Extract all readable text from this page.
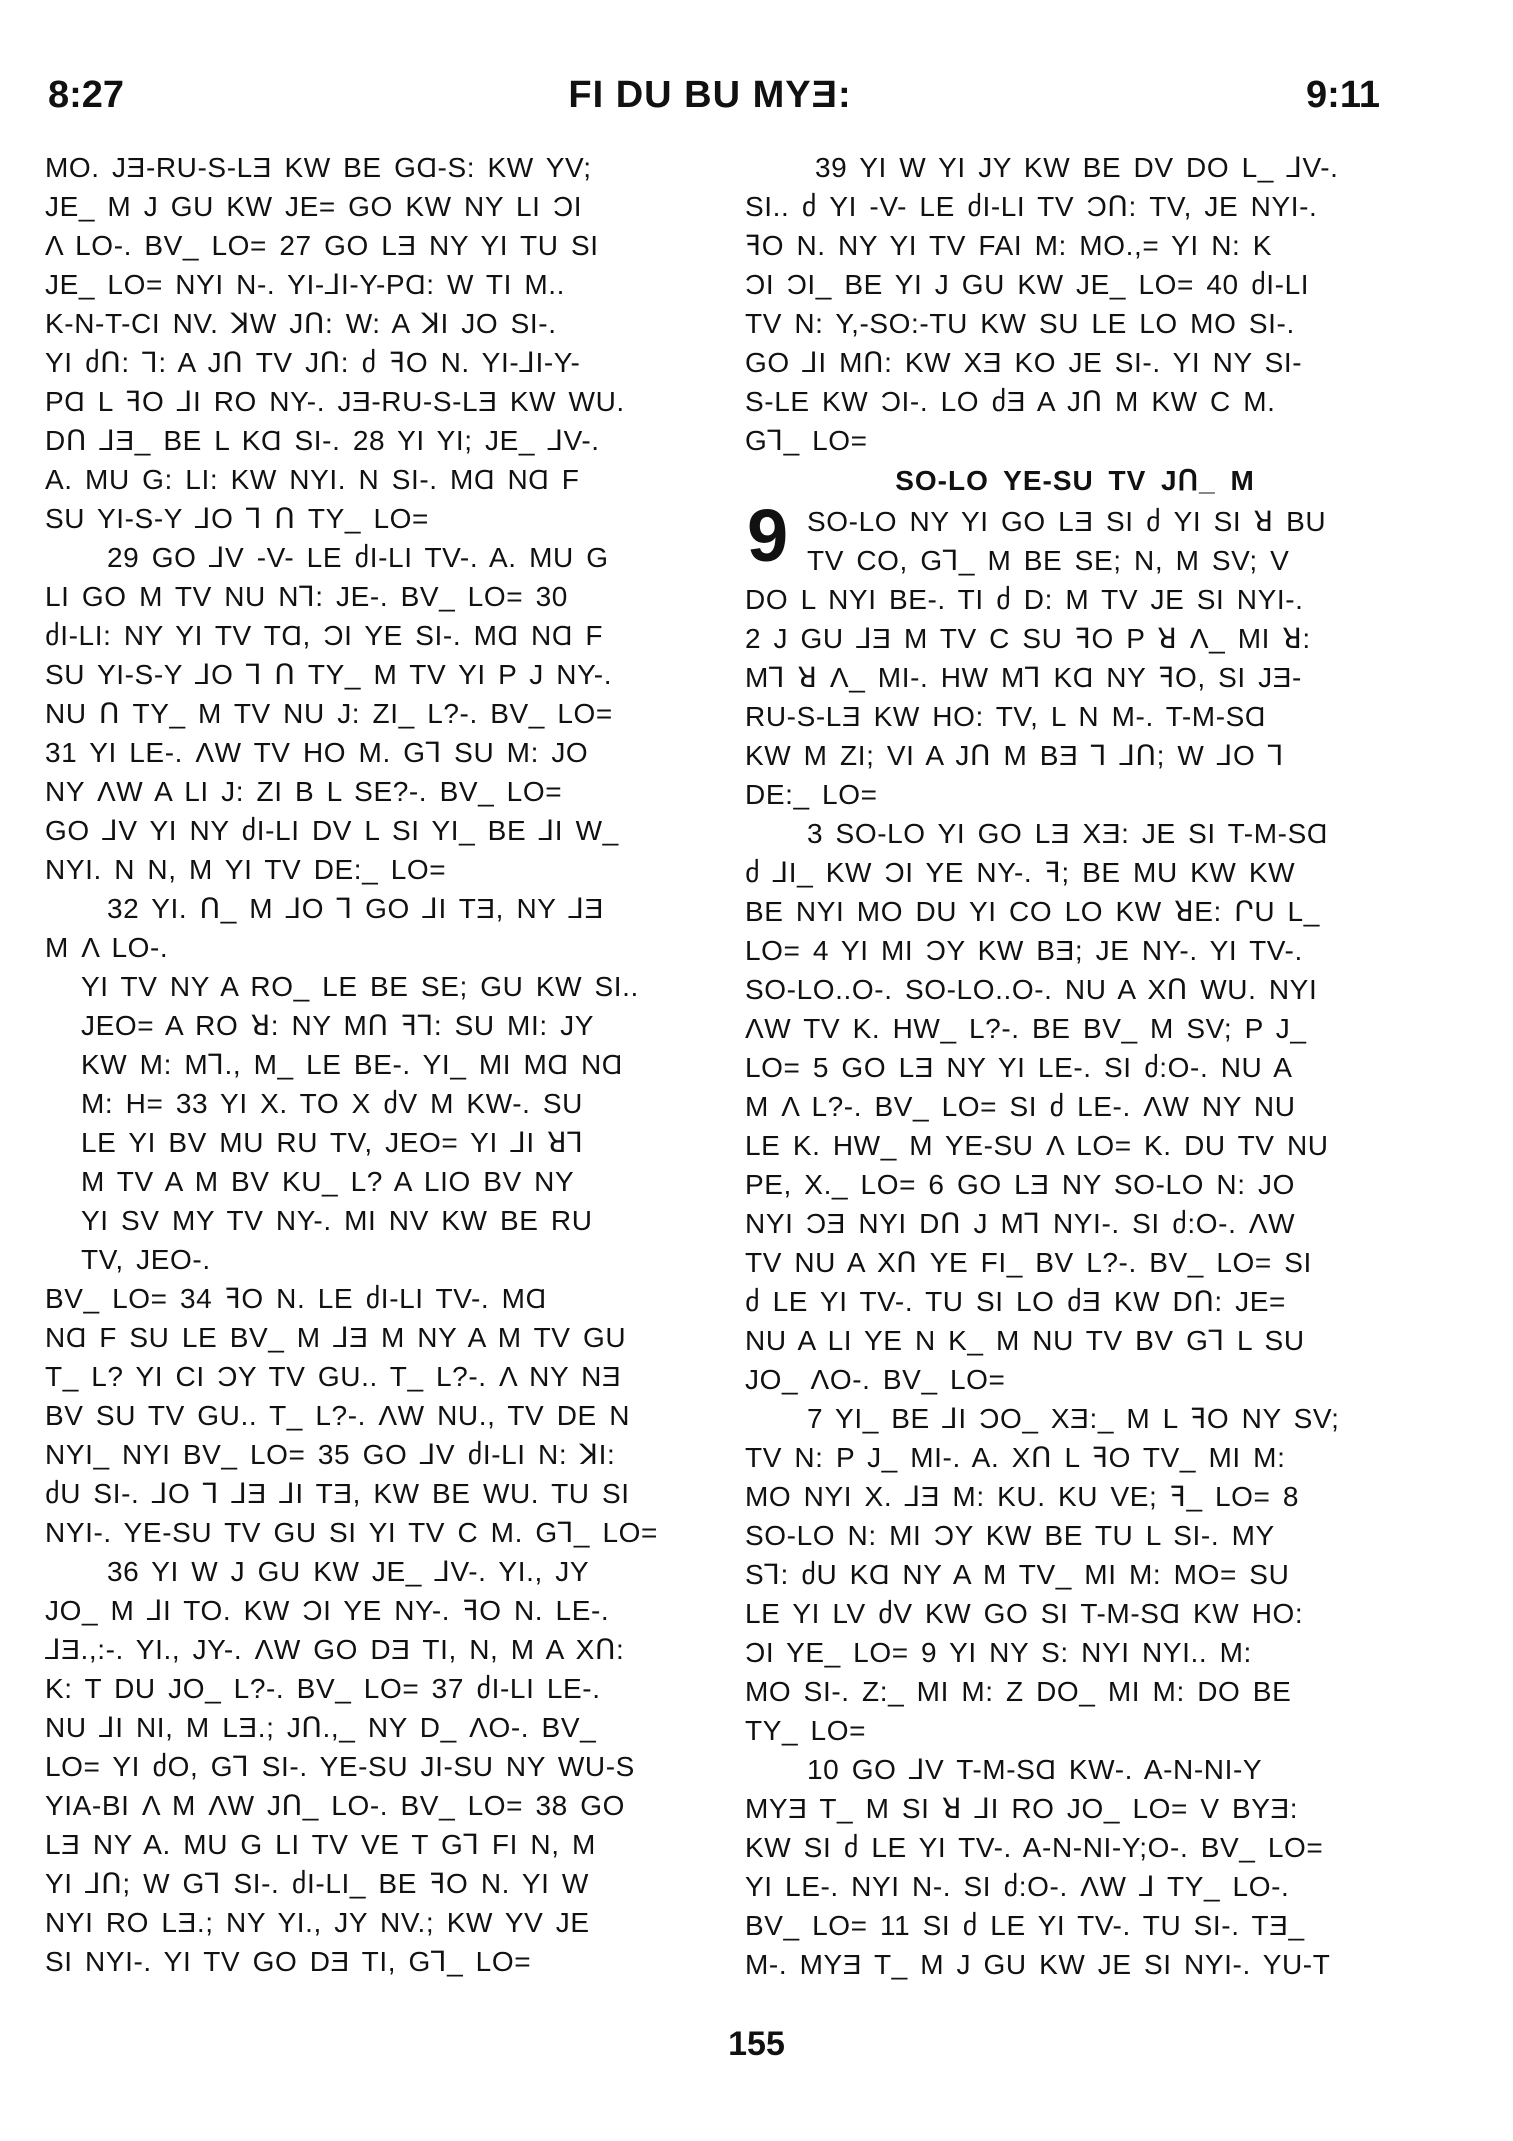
8:27	FI DU BU MYƎ:	9:11
MO. JƎ-RU-S-LƎ KW BE GⱭ-S: KW YV;
JE_ M J GU KW JE= GO KW NY LI ƆI
Λ LO-. BV_ LO= 27 GO LƎ NY YI TU SI
JE_ LO= NYI N-. YI-⅃I-Y-PⱭ: W TI M..
K-N-T-CI NV. ꓘW JՈ: W: A ꓘI JO SI-.
YI ძՈ: Ꞁ: A JՈ TV JՈ: ძ ꟻO N. YI-⅃I-Y-
PⱭ L ꟻO ⅃I RO NY-. JƎ-RU-S-LƎ KW WU.
DՈ ⅃Ǝ_ BE L KⱭ SI-. 28 YI YI; JE_ ⅃V-.
A. MU G: LI: KW NYI. N SI-. MⱭ NⱭ F
SU YI-S-Y ⅃O Ꞁ Ո TY_ LO=
29 GO ⅃V -V- LE ძI-LI TV-. A. MU G
LI GO M TV NU NꞀ: JE-. BV_ LO= 30
ძI-LI: NY YI TV TⱭ, ƆI YE SI-. MⱭ NⱭ F
SU YI-S-Y ⅃O Ꞁ Ո TY_ M TV YI P J NY-.
NU Ո TY_ M TV NU J: ZI_ L?-. BV_ LO=
31 YI LE-. ΛW TV HO M. GꞀ SU M: JO
NY ΛW A LI J: ZI B L SE?-. BV_ LO=
GO ⅃V YI NY ძI-LI DV L SI YI_ BE ⅃I W_
NYI. N N, M YI TV DE:_ LO=
32 YI. Ո_ M ⅃O Ꞁ GO ⅃I TƎ, NY ⅃Ǝ
M Λ LO-.
YI TV NY A RO_ LE BE SE; GU KW SI..
JEO= A RO ꓤ: NY MՈ ꟻꞀ: SU MI: JY
KW M: MꞀ., M_ LE BE-. YI_ MI MⱭ NⱭ
M: H= 33 YI X. TO X ძV M KW-. SU
LE YI BV MU RU TV, JEO= YI ⅃I ꓤꞀ
M TV A M BV KU_ L? A LIO BV NY
YI SV MY TV NY-. MI NV KW BE RU
TV, JEO-.
BV_ LO= 34 ꟻO N. LE ძI-LI TV-. MⱭ
NⱭ F SU LE BV_ M ⅃Ǝ M NY A M TV GU
T_ L? YI CI ƆY TV GU.. T_ L?-. Λ NY NƎ
BV SU TV GU.. T_ L?-. ΛW NU., TV DE N
NYI_ NYI BV_ LO= 35 GO ⅃V ძI-LI N: ꓘI:
ძU SI-. ⅃O Ꞁ ⅃Ǝ ⅃I TƎ, KW BE WU. TU SI
NYI-. YE-SU TV GU SI YI TV C M. GꞀ_ LO=
36 YI W J GU KW JE_ ⅃V-. YI., JY
JO_ M ⅃I TO. KW ƆI YE NY-. ꟻO N. LE-.
⅃Ǝ.,:-. YI., JY-. ΛW GO DƎ TI, N, M A XՈ:
K: T DU JO_ L?-. BV_ LO= 37 ძI-LI LE-.
NU ⅃I NI, M LƎ.; JՈ.,_ NY D_ ΛO-. BV_
LO= YI ძO, GꞀ SI-. YE-SU JI-SU NY WU-S
YIA-BI Λ M ΛW JՈ_ LO-. BV_ LO= 38 GO
LƎ NY A. MU G LI TV VE T GꞀ FI N, M
YI ⅃Ո; W GꞀ SI-. ძI-LI_ BE ꟻO N. YI W
NYI RO LƎ.; NY YI., JY NV.; KW YV JE
SI NYI-. YI TV GO DƎ TI, GꞀ_ LO=
39 YI W YI JY KW BE DV DO L_ ⅃V-.
SI.. ძ YI -V- LE ძI-LI TV ƆՈ: TV, JE NYI-.
ꟻO N. NY YI TV FAI M: MO.,= YI N: K
ƆI ƆI_ BE YI J GU KW JE_ LO= 40 ძI-LI
TV N: Y,-SO:-TU KW SU LE LO MO SI-.
GO ⅃I MՈ: KW XƎ KO JE SI-. YI NY SI-
S-LE KW ƆI-. LO ძƎ A JՈ M KW C M.
GꞀ_ LO=
SO-LO YE-SU TV JՈ_ M
9 SO-LO NY YI GO LƎ SI ძ YI SI ꓤ BU
TV CO, GꞀ_ M BE SE; N, M SV; V
DO L NYI BE-. TI ძ D: M TV JE SI NYI-.
2 J GU ⅃Ǝ M TV C SU ꟻO P ꓤ Λ_ MI ꓤ:
MꞀ ꓤ Λ_ MI-. HW MꞀ KⱭ NY ꟻO, SI JƎ-
RU-S-LƎ KW HO: TV, L N M-. T-M-SⱭ
KW M ZI; VI A JՈ M BƎ Ꞁ ⅃Ո; W ⅃O Ꞁ
DE:_ LO=
3 SO-LO YI GO LƎ XƎ: JE SI T-M-SⱭ
ძ ⅃I_ KW ƆI YE NY-. ꟻ; BE MU KW KW
BE NYI MO DU YI CO LO KW ꓤE: ՐU L_
LO= 4 YI MI ƆY KW BƎ; JE NY-. YI TV-.
SO-LO..O-. SO-LO..O-. NU A XՈ WU. NYI
ΛW TV K. HW_ L?-. BE BV_ M SV; P J_
LO= 5 GO LƎ NY YI LE-. SI ძ:O-. NU A
M Λ L?-. BV_ LO= SI ძ LE-. ΛW NY NU
LE K. HW_ M YE-SU Λ LO= K. DU TV NU
PE, X._ LO= 6 GO LƎ NY SO-LO N: JO
NYI ƆƎ NYI DՈ J MꞀ NYI-. SI ძ:O-. ΛW
TV NU A XՈ YE FI_ BV L?-. BV_ LO= SI
ძ LE YI TV-. TU SI LO ძƎ KW DՈ: JE=
NU A LI YE N K_ M NU TV BV GꞀ L SU
JO_ ΛO-. BV_ LO=
7 YI_ BE ⅃I ƆO_ XƎ:_ M L ꟻO NY SV;
TV N: P J_ MI-. A. XՈ L ꟻO TV_ MI M:
MO NYI X. ⅃Ǝ M: KU. KU VE; ꟻ_ LO= 8
SO-LO N: MI ƆY KW BE TU L SI-. MY
SꞀ: ძU KⱭ NY A M TV_ MI M: MO= SU
LE YI LV ძV KW GO SI T-M-SⱭ KW HO:
ƆI YE_ LO= 9 YI NY S: NYI NYI.. M:
MO SI-. Z:_ MI M: Z DO_ MI M: DO BE
TY_ LO=
10 GO ⅃V T-M-SⱭ KW-. A-N-NI-Y
MYƎ T_ M SI ꓤ ⅃I RO JO_ LO= V BYƎ:
KW SI ძ LE YI TV-. A-N-NI-Y;O-. BV_ LO=
YI LE-. NYI N-. SI ძ:O-. ΛW ⅃ TY_ LO-.
BV_ LO= 11 SI ძ LE YI TV-. TU SI-. TƎ_
M-. MYƎ T_ M J GU KW JE SI NYI-. YU-T
155
